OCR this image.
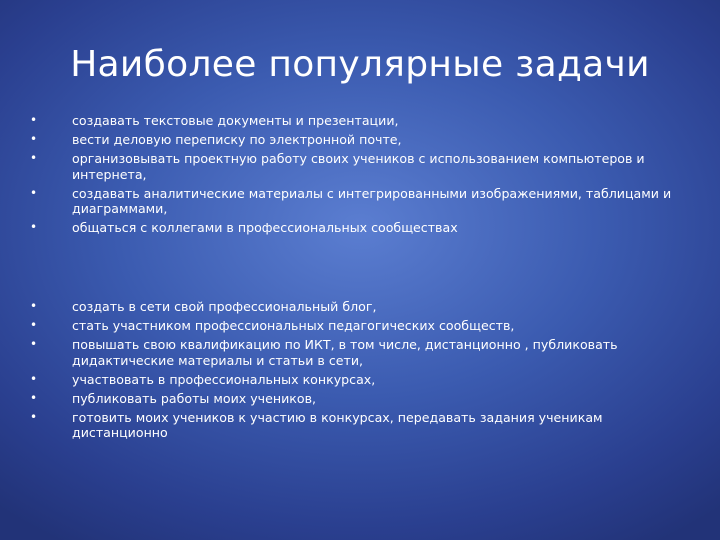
Наиболее популярные задачи
•	создавать текстовые документы и презентации,
•	вести деловую переписку по электронной почте,
•	организовывать проектную работу своих учеников с использованием компьютеров и интернета,
•	создавать аналитические материалы с интегрированными изображениями, таблицами и диаграммами,
•	общаться с коллегами в профессиональных сообществах
•	создать в сети свой профессиональный блог,
•	стать участником профессиональных педагогических сообществ,
•	повышать свою квалификацию по ИКТ, в том числе, дистанционно , публиковать дидактические материалы и статьи в сети,
•	участвовать в профессиональных конкурсах,
•	публиковать работы моих учеников,
•	готовить моих учеников к участию в конкурсах, передавать задания ученикам дистанционно
